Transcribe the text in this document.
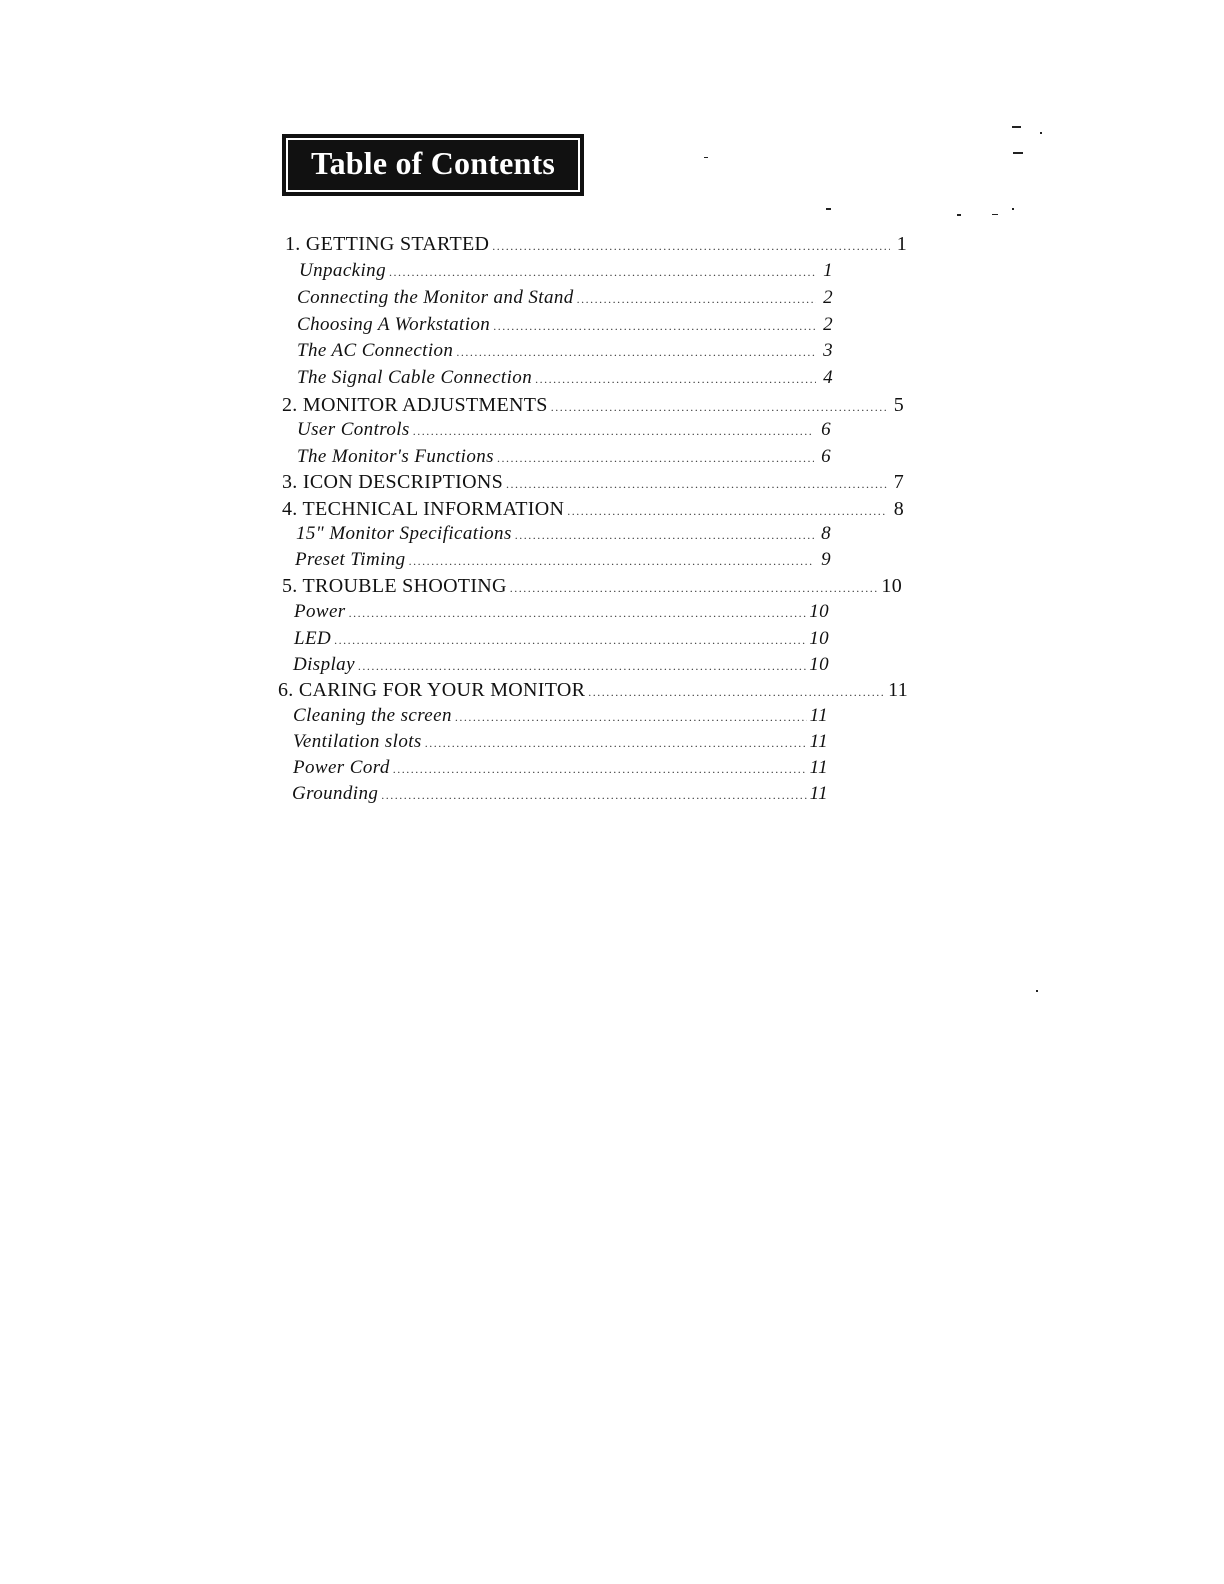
Table of Contents
1. GETTING STARTED .....	1
Unpacking .....	1
Connecting the Monitor and Stand .....	2
Choosing A Workstation .....	2
The AC Connection .....	3
The Signal Cable Connection .....	4
2. MONITOR ADJUSTMENTS .....	5
User Controls .....	6
The Monitor's Functions .....	6
3. ICON DESCRIPTIONS .....	7
4. TECHNICAL INFORMATION .....	8
15" Monitor Specifications .....	8
Preset Timing .....	9
5. TROUBLE SHOOTING .....	10
Power .....	10
LED .....	10
Display .....	10
6. CARING FOR YOUR MONITOR .....	11
Cleaning the screen .....	11
Ventilation slots .....	11
Power Cord .....	11
Grounding .....	11
